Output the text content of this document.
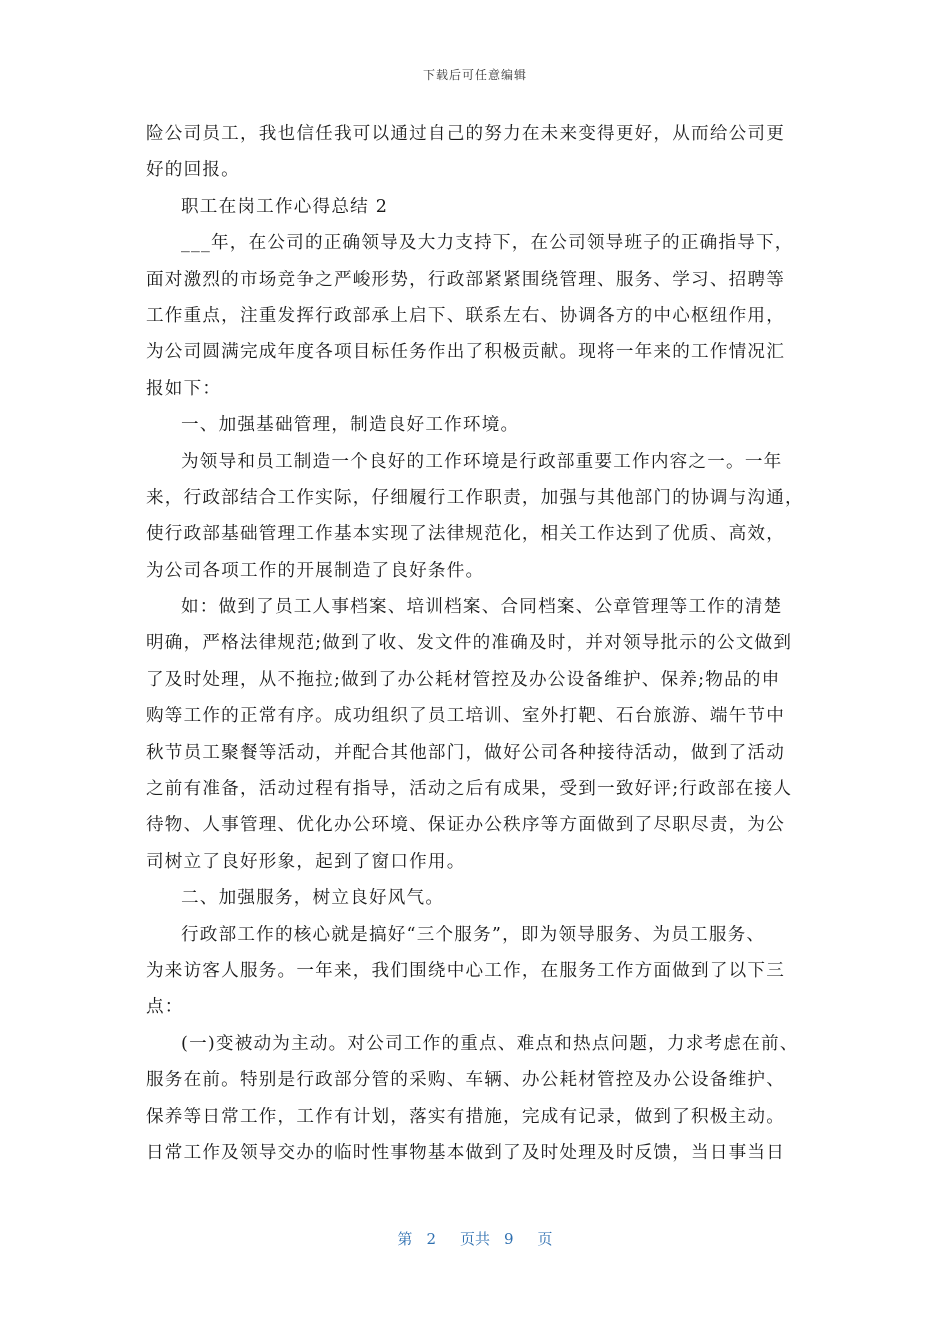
下载后可任意编辑
险公司员工，我也信任我可以通过自己的努力在未来变得更好，从而给公司更
好的回报。
职工在岗工作心得总结 2
___年，在公司的正确领导及大力支持下，在公司领导班子的正确指导下，
面对激烈的市场竞争之严峻形势，行政部紧紧围绕管理、服务、学习、招聘等
工作重点，注重发挥行政部承上启下、联系左右、协调各方的中心枢纽作用，
为公司圆满完成年度各项目标任务作出了积极贡献。现将一年来的工作情况汇
报如下：
一、加强基础管理，制造良好工作环境。
为领导和员工制造一个良好的工作环境是行政部重要工作内容之一。一年
来，行政部结合工作实际，仔细履行工作职责，加强与其他部门的协调与沟通，
使行政部基础管理工作基本实现了法律规范化，相关工作达到了优质、高效，
为公司各项工作的开展制造了良好条件。
如：做到了员工人事档案、培训档案、合同档案、公章管理等工作的清楚
明确，严格法律规范;做到了收、发文件的准确及时，并对领导批示的公文做到
了及时处理，从不拖拉;做到了办公耗材管控及办公设备维护、保养;物品的申
购等工作的正常有序。成功组织了员工培训、室外打靶、石台旅游、端午节中
秋节员工聚餐等活动，并配合其他部门，做好公司各种接待活动，做到了活动
之前有准备，活动过程有指导，活动之后有成果，受到一致好评;行政部在接人
待物、人事管理、优化办公环境、保证办公秩序等方面做到了尽职尽责，为公
司树立了良好形象，起到了窗口作用。
二、加强服务，树立良好风气。
行政部工作的核心就是搞好“三个服务”，即为领导服务、为员工服务、
为来访客人服务。一年来，我们围绕中心工作，在服务工作方面做到了以下三
点：
(一)变被动为主动。对公司工作的重点、难点和热点问题，力求考虑在前、
服务在前。特别是行政部分管的采购、车辆、办公耗材管控及办公设备维护、
保养等日常工作，工作有计划，落实有措施，完成有记录，做到了积极主动。
日常工作及领导交办的临时性事物基本做到了及时处理及时反馈，当日事当日
第 2 页共 9 页
